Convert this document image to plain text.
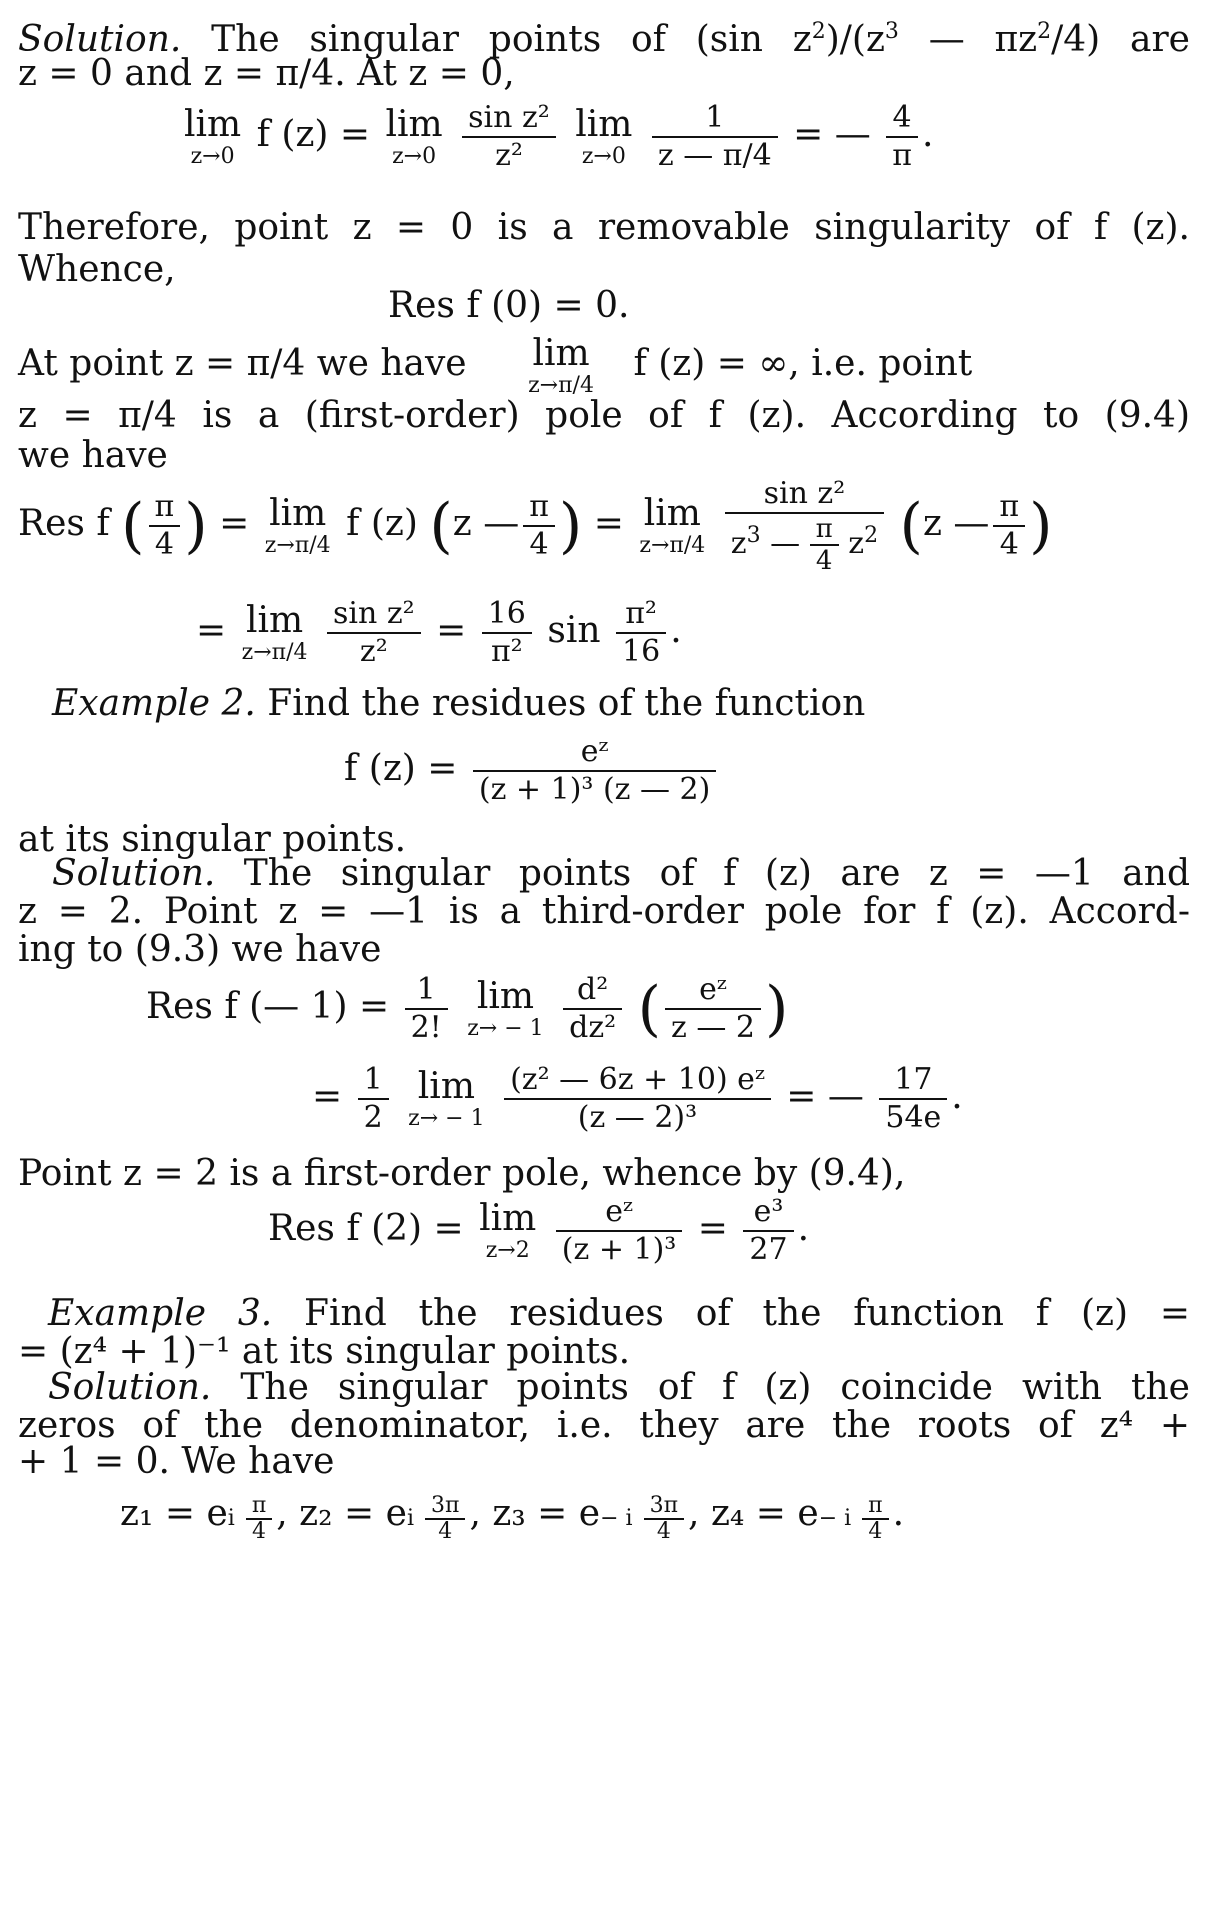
Solution. The singular points of (sin $z^2)/(z^3$ — $\pi z^2/4$) are
z = 0 and z = π/4. At z = 0,
lim
z→0
f (z) = lim
z→0
$\frac{\text{sin z²}}{\text{z²}}$
lim
z→0
$\frac{1}{z — \pi/4}$ = — $\frac{4}{\pi}$ .
Therefore, point z = 0 is a removable singularity of f (z).
Whence,
Res f (0) = 0.
At point z = π/4 we have lim
z→π/4
f (z) = ∞, i.e. point
z = π/4 is a (first-order) pole of f (z). According to (9.4)
we have
Res f ( $\frac{\pi}{4}$ ) = lim
z→π/4
f (z) (z — $\frac{\pi}{4}$ ) = lim
z→π/4
$\frac{\text{sin z²}}{z^3 — \frac{\pi}{4} z^2} (z$ — $\frac{\pi}{4}$ )
= lim
z→π/4
$\frac{\text{sin z²}}{\text{z²}} = \frac{16}{\text{π²}}$ $\sin \frac{\text{π²}}{16}$ .
Example 2. Find the residues of the function
f $(z) = \frac{\text{eᶻ}}{\text{(z + 1)³ (z — 2)}}$
at its singular points.
Solution. The singular points of f (z) are z = —1 and
z = 2. Point z = —1 is a third-order pole for f (z). Accord-
ing to (9.3) we have
Res f (— $1) = \frac{1}{2!}$
lim
z→ − 1
$\frac{\text{d²}}{\text{dz²}}$ ( $\frac{\text{eᶻ}}{z — 2}$ )
= $\frac{1}{2}$
lim
z→ − 1
$\frac{\text{(z² — 6z + 10) eᶻ}}{\text{(z — 2)³}}$ = — $\frac{17}{54e}$ .
Point z = 2 is a first-order pole, whence by (9.4),
Res f (2) = lim
z→2
$\frac{\text{eᶻ}}{\text{(z + 1)³}} = \frac{\text{e³}}{27}$ .
Example 3. Find the residues of the function f (z) =
= (z⁴ + 1)⁻¹ at its singular points.
Solution. The singular points of f (z) coincide with the
zeros of the denominator, i.e. they are the roots of z⁴ +
+ 1 = 0. We have
z₁ = ei $\frac{\pi}{4}$ , z₂ = ei $\frac{3\pi}{4}$ , z₃ = e− i $\frac{3\pi}{4}$ , z₄ = e− i $\frac{\pi}{4}$ .
